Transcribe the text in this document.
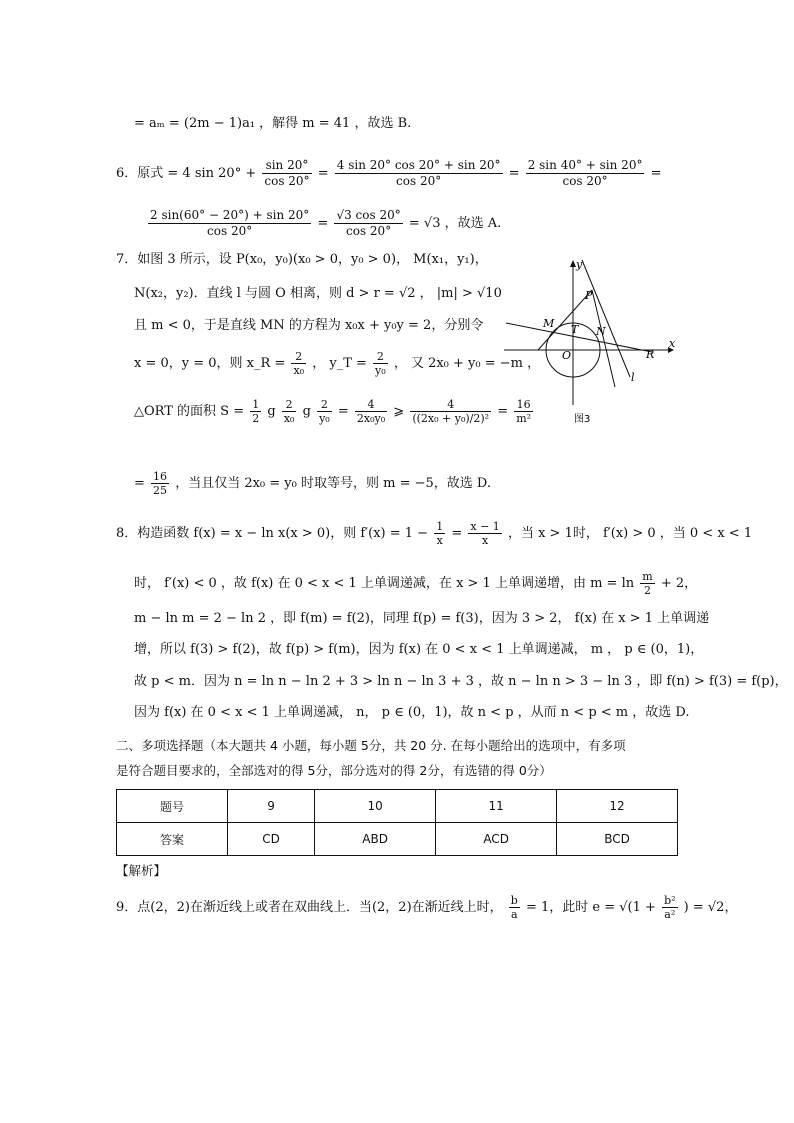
= aₘ = (2m − 1)a₁ ，解得 m = 41 ，故选 B.
6．原式 = 4 $\sin 20^\circ + \frac{\sin 20^\circ}{\cos 20^\circ} = \frac{4 \sin 20^\circ \cos 20^\circ + \sin 20^\circ}{\cos 20^\circ} = \frac{2 \sin 40^\circ + \sin 20^\circ}{\cos 20^\circ}$ =
$\frac{2 \sin(60^\circ - 20^\circ) + \sin 20^\circ}{\cos 20^\circ} = \frac{√3 \cos 20^\circ}{\cos 20^\circ} = √3$ ，故选 A.
7．如图 3 所示，设 P(x₀，y₀)(x₀ > 0，y₀ > 0)， M(x₁，y₁)，
N(x₂，y₂)．直线 l 与圆 O 相离，则 d > r = √2 ， |m| > √10
且 m < 0，于是直线 MN 的方程为 x₀x + y₀y = 2，分别令
x = 0，y = 0，则 x_R = $\frac{2}{\text{x₀}}$ ， y_T = $\frac{2}{\text{y₀}}$ ， 又 2x₀ + y₀ = −m ，
△ORT 的面积 $S = \frac{1}{2}$ g $\frac{2}{\text{x₀}}$ g $\frac{2}{\text{y₀}} = \frac{4}{\text{2x₀y₀}}$ ⩾ $\frac{4}{\text{((2x₀ + y₀)/2)²}} = \frac{16}{\text{m²}}$
= $\frac{16}{25}$ ，当且仅当 2x₀ = y₀ 时取等号，则 m = −5，故选 D.
y
x
P
M T N
O	R
l
图3
8．构造函数 f(x) = x − ln x(x > 0)，则 $f'(x) = 1 - \frac{1}{x} = \frac{x - 1}{x}$ ，当 x > 1时， f′(x) > 0 ，当 0 < x < 1
时， f′(x) < 0 ，故 f(x) 在 0 < x < 1 上单调递减，在 x > 1 上单调递增，由 $m = \ln \frac{m}{2} + 2$，
m − ln m = 2 − ln 2 ，即 f(m) = f(2)，同理 f(p) = f(3)，因为 3 > 2， f(x) 在 x > 1 上单调递
增，所以 f(3) > f(2)，故 f(p) > f(m)，因为 f(x) 在 0 < x < 1 上单调递减， m ， p ∈ (0，1)，
故 p < m．因为 n = ln n − ln 2 + 3 > ln n − ln 3 + 3 ，故 n − ln n > 3 − ln 3 ，即 f(n) > f(3) = f(p)，
因为 f(x) 在 0 < x < 1 上单调递减， n， p ∈ (0，1)，故 n < p ，从而 n < p < m ，故选 D.
二、多项选择题（本大题共 4 小题，每小题 5分，共 20 分. 在每小题给出的选项中，有多项
是符合题目要求的，全部选对的得 5分，部分选对的得 2分，有选错的得 0分）
题号	9	10	11	12
答案	CD	ABD	ACD	BCD
【解析】
9．点(2，2)在渐近线上或者在双曲线上．当(2，2)在渐近线上时， $\frac{b}{a} = 1$，此时 $e = √(1 + \frac{\text{b²}}{\text{a²}}$ ) = √2，
